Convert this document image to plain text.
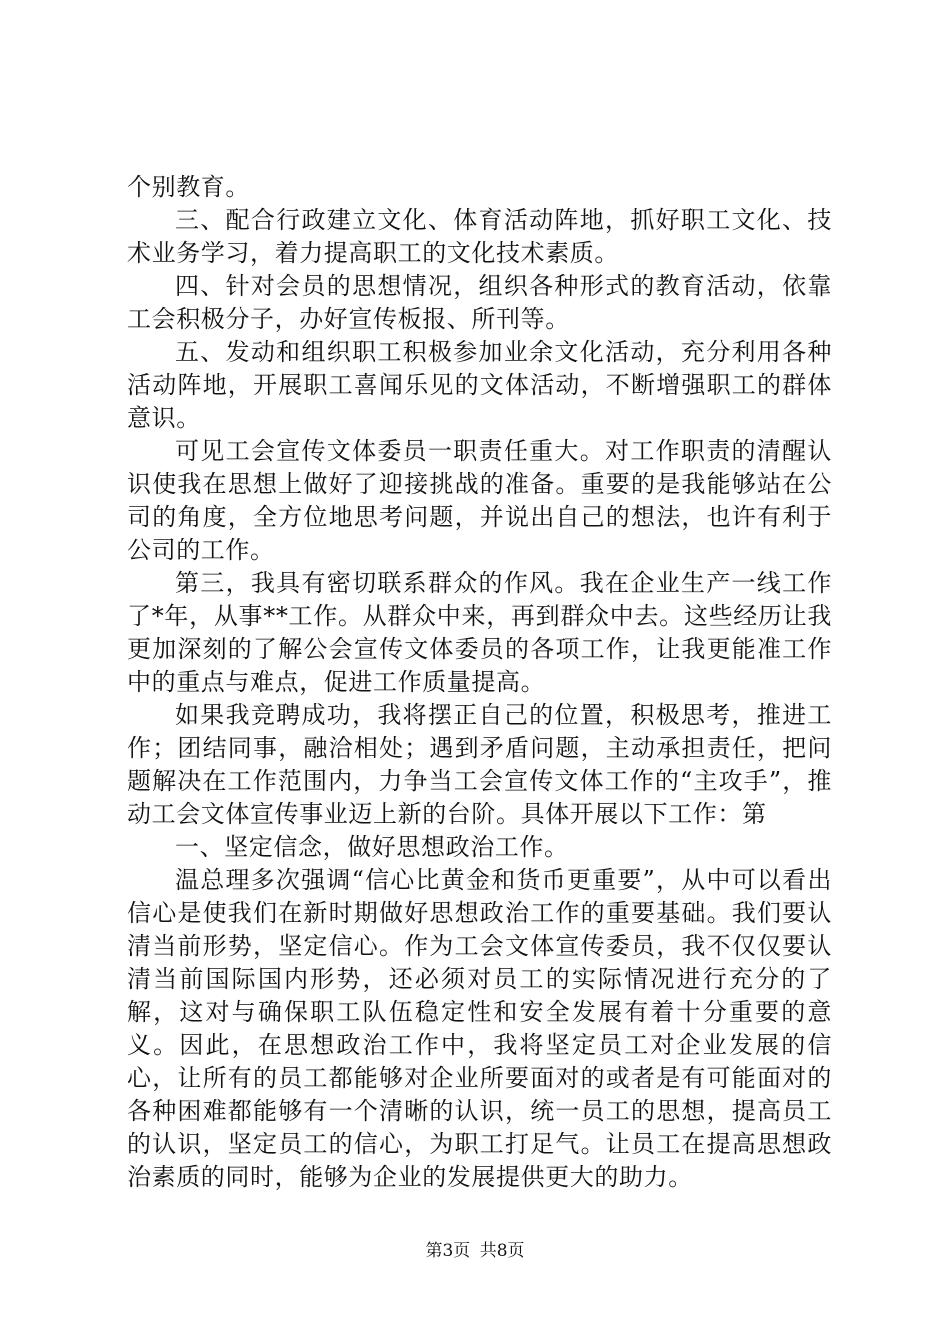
个别教育。

三、配合行政建立文化、体育活动阵地，抓好职工文化、技术业务学习，着力提高职工的文化技术素质。

四、针对会员的思想情况，组织各种形式的教育活动，依靠工会积极分子，办好宣传板报、所刊等。

五、发动和组织职工积极参加业余文化活动，充分利用各种活动阵地，开展职工喜闻乐见的文体活动，不断增强职工的群体意识。

可见工会宣传文体委员一职责任重大。对工作职责的清醒认识使我在思想上做好了迎接挑战的准备。重要的是我能够站在公司的角度，全方位地思考问题，并说出自己的想法，也许有利于公司的工作。

第三，我具有密切联系群众的作风。我在企业生产一线工作了*年，从事**工作。从群众中来，再到群众中去。这些经历让我更加深刻的了解公会宣传文体委员的各项工作，让我更能准工作中的重点与难点，促进工作质量提高。

如果我竞聘成功，我将摆正自己的位置，积极思考，推进工作；团结同事，融洽相处；遇到矛盾问题，主动承担责任，把问题解决在工作范围内，力争当工会宣传文体工作的“主攻手”，推动工会文体宣传事业迈上新的台阶。具体开展以下工作：第

一、坚定信念，做好思想政治工作。

温总理多次强调“信心比黄金和货币更重要”，从中可以看出信心是使我们在新时期做好思想政治工作的重要基础。我们要认清当前形势，坚定信心。作为工会文体宣传委员，我不仅仅要认清当前国际国内形势，还必须对员工的实际情况进行充分的了解，这对与确保职工队伍稳定性和安全发展有着十分重要的意义。因此，在思想政治工作中，我将坚定员工对企业发展的信心，让所有的员工都能够对企业所要面对的或者是有可能面对的各种困难都能够有一个清晰的认识，统一员工的思想，提高员工的认识，坚定员工的信心，为职工打足气。让员工在提高思想政治素质的同时，能够为企业的发展提供更大的助力。

第3页 共8页
